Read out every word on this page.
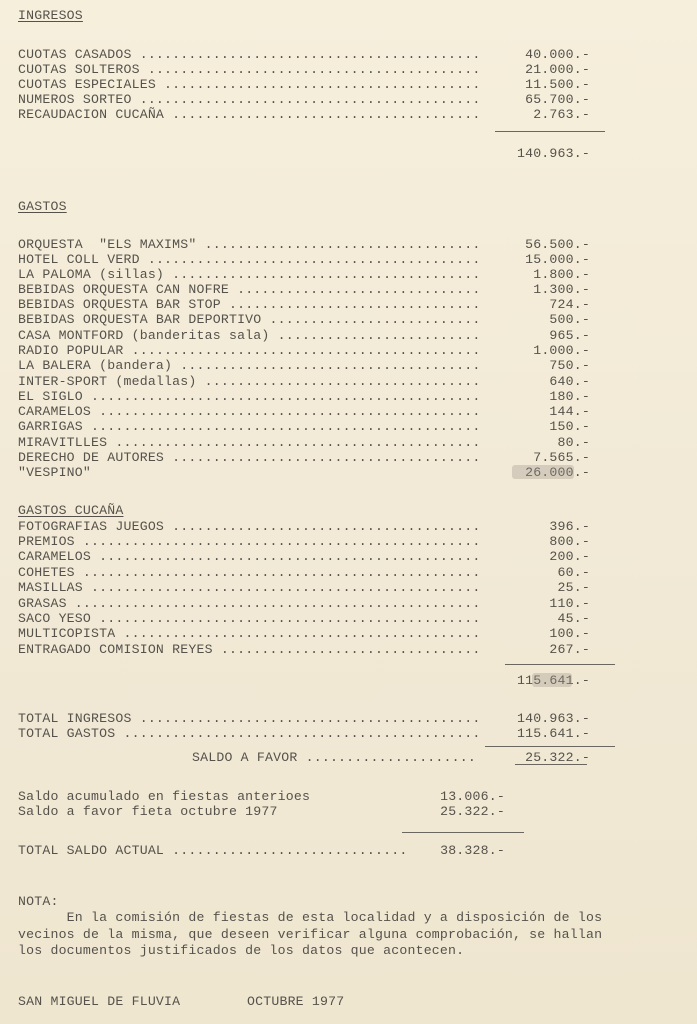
INGRESOS
CUOTAS CASADOS .....	40.000.-
CUOTAS SOLTEROS .....	21.000.-
CUOTAS ESPECIALES .....	11.500.-
NUMEROS SORTEO .....	65.700.-
RECAUDACION CUCAÑA .....	2.763.-
140.963.-
GASTOS
ORQUESTA  "ELS MAXIMS" .....	56.500.-
HOTEL COLL VERD .....	15.000.-
LA PALOMA (sillas) .....	1.800.-
BEBIDAS ORQUESTA CAN NOFRE .....	1.300.-
BEBIDAS ORQUESTA BAR STOP .....	724.-
BEBIDAS ORQUESTA BAR DEPORTIVO .....	500.-
CASA MONTFORD (banderitas sala) .....	965.-
RADIO POPULAR .....	1.000.-
LA BALERA (bandera) .....	750.-
INTER-SPORT (medallas) .....	640.-
EL SIGLO .....	180.-
CARAMELOS .....	144.-
GARRIGAS .....	150.-
MIRAVITLLES .....	80.-
DERECHO DE AUTORES .....	7.565.-
"VESPINO"	26.000.-
GASTOS CUCAÑA
FOTOGRAFIAS JUEGOS .....	396.-
PREMIOS .....	800.-
CARAMELOS .....	200.-
COHETES .....	60.-
MASILLAS .....	25.-
GRASAS .....	110.-
SACO YESO .....	45.-
MULTICOPISTA .....	100.-
ENTRAGADO COMISION REYES .....	267.-
115.641.-
TOTAL INGRESOS .....	140.963.-
TOTAL GASTOS .....	115.641.-
SALDO A FAVOR .....	25.322.-
Saldo acumulado en fiestas anterioes	13.006.-
Saldo a favor fieta octubre 1977	25.322.-
TOTAL SALDO ACTUAL .....	38.328.-
NOTA:
En la comisión de fiestas de esta localidad y a disposición de los
vecinos de la misma, que deseen verificar alguna comprobación, se hallan
los documentos justificados de los datos que acontecen.
SAN MIGUEL DE FLUVIA	OCTUBRE 1977
